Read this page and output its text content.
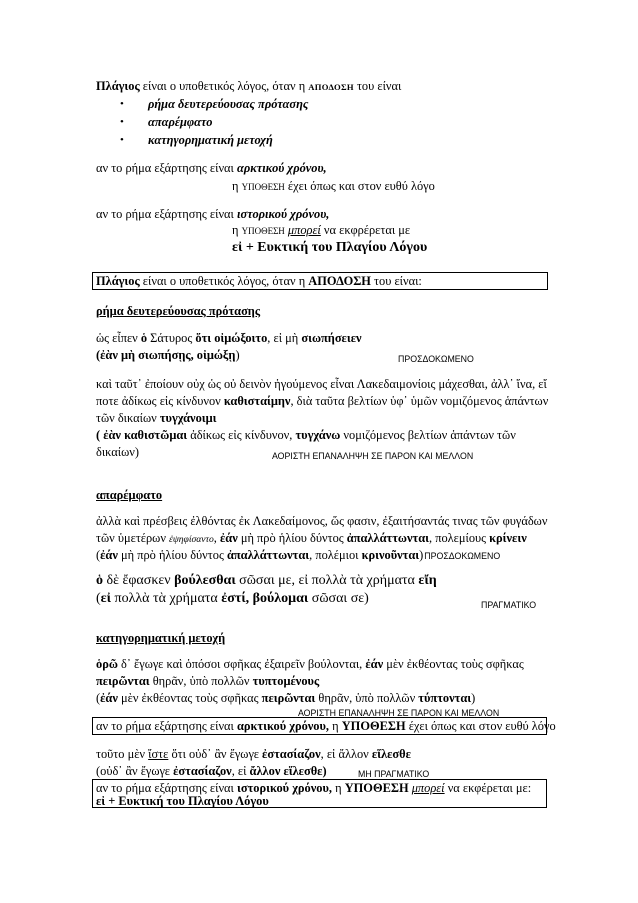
Πλάγιος είναι ο υποθετικός λόγος, όταν η ΑΠΟΔΟΣΗ του είναι
• ρήμα δευτερεύουσας πρότασης
• απαρέμφατο
• κατηγορηματική μετοχή
αν το ρήμα εξάρτησης είναι αρκτικού χρόνου,
η ΥΠΟΘΕΣΗ έχει όπως και στον ευθύ λόγο
αν το ρήμα εξάρτησης είναι ιστορικού χρόνου,
η ΥΠΟΘΕΣΗ μπορεί να εκφρέρεται με
εἰ + Ευκτική του Πλαγίου Λόγου
Πλάγιος είναι ο υποθετικός λόγος, όταν η ΑΠΟΔΟΣΗ του είναι:
ρήμα δευτερεύουσας πρότασης
ὡς εἶπεν ὁ Σάτυρος ὅτι οἰμώξοιτο, εἰ μὴ σιωπήσειεν
(ἐὰν μὴ σιωπήσῃς, οἰμώξῃ)	ΠΡΟΣΔΟΚΩΜΕΝΟ
καὶ ταῦτ᾽ ἐποίουν οὐχ ὡς οὐ δεινὸν ἡγούμενος εἶναι Λακεδαιμονίοις μάχεσθαι, ἀλλ᾽ ἵνα, εἴ
ποτε ἀδίκως εἰς κίνδυνον καθισταίμην, διὰ ταῦτα βελτίων ὑφ᾽ ὑμῶν νομιζόμενος ἁπάντων
τῶν δικαίων τυγχάνοιμι
( ἐὰν καθιστῶμαι ἀδίκως εἰς κίνδυνον, τυγχάνω νομιζόμενος βελτίων ἁπάντων τῶν
δικαίων)	ΑΟΡΙΣΤΗ ΕΠΑΝΑΛΗΨΗ ΣΕ ΠΑΡΟΝ ΚΑΙ ΜΕΛΛΟΝ
απαρέμφατο
ἀλλὰ καὶ πρέσβεις ἐλθόντας ἐκ Λακεδαίμονος, ὥς φασιν, ἐξαιτήσαντάς τινας τῶν φυγάδων
τῶν ὑμετέρων ἐψηφίσαντο, ἐάν μὴ πρὸ ἡλίου δύντος ἀπαλλάττωνται, πολεμίους κρίνειν
(ἐάν μὴ πρὸ ἡλίου δύντος ἀπαλλάττωνται, πολέμιοι κρινοῦνται)ΠΡΟΣΔΟΚΩΜΕΝΟ
ὁ δὲ ἔφασκεν βούλεσθαι σῶσαι με, εἰ πολλὰ τὰ χρήματα εἴη
(εἰ πολλὰ τὰ χρήματα ἐστί, βούλομαι σῶσαι σε)	ΠΡΑΓΜΑΤΙΚΟ
κατηγορηματική μετοχή
ὁρῶ δ᾽ ἔγωγε καὶ ὁπόσοι σφῆκας ἐξαιρεῖν βούλονται, ἐάν μὲν ἐκθέοντας τοὺς σφῆκας
πειρῶνται θηρᾶν, ὑπὸ πολλῶν τυπτομένους
(ἐάν μὲν ἐκθέοντας τοὺς σφῆκας πειρῶνται θηρᾶν, ὑπὸ πολλῶν τύπτονται)
ΑΟΡΙΣΤΗ ΕΠΑΝΑΛΗΨΗ ΣΕ ΠΑΡΟΝ ΚΑΙ ΜΕΛΛΟΝ
αν το ρήμα εξάρτησης είναι αρκτικού χρόνου, η ΥΠΟΘΕΣΗ έχει όπως και στον ευθύ λόγο
τοῦτο μὲν ἴστε ὅτι οὐδ᾽ ἂν ἔγωγε ἐστασίαζον, εἰ ἄλλον εἵλεσθε
(οὐδ᾽ ἂν ἔγωγε ἐστασίαζον, εἰ ἄλλον εἵλεσθε)	ΜΗ ΠΡΑΓΜΑΤΙΚΟ
αν το ρήμα εξάρτησης είναι ιστορικού χρόνου, η ΥΠΟΘΕΣΗ μπορεί να εκφέρεται με:
εἰ + Ευκτική του Πλαγίου Λόγου
